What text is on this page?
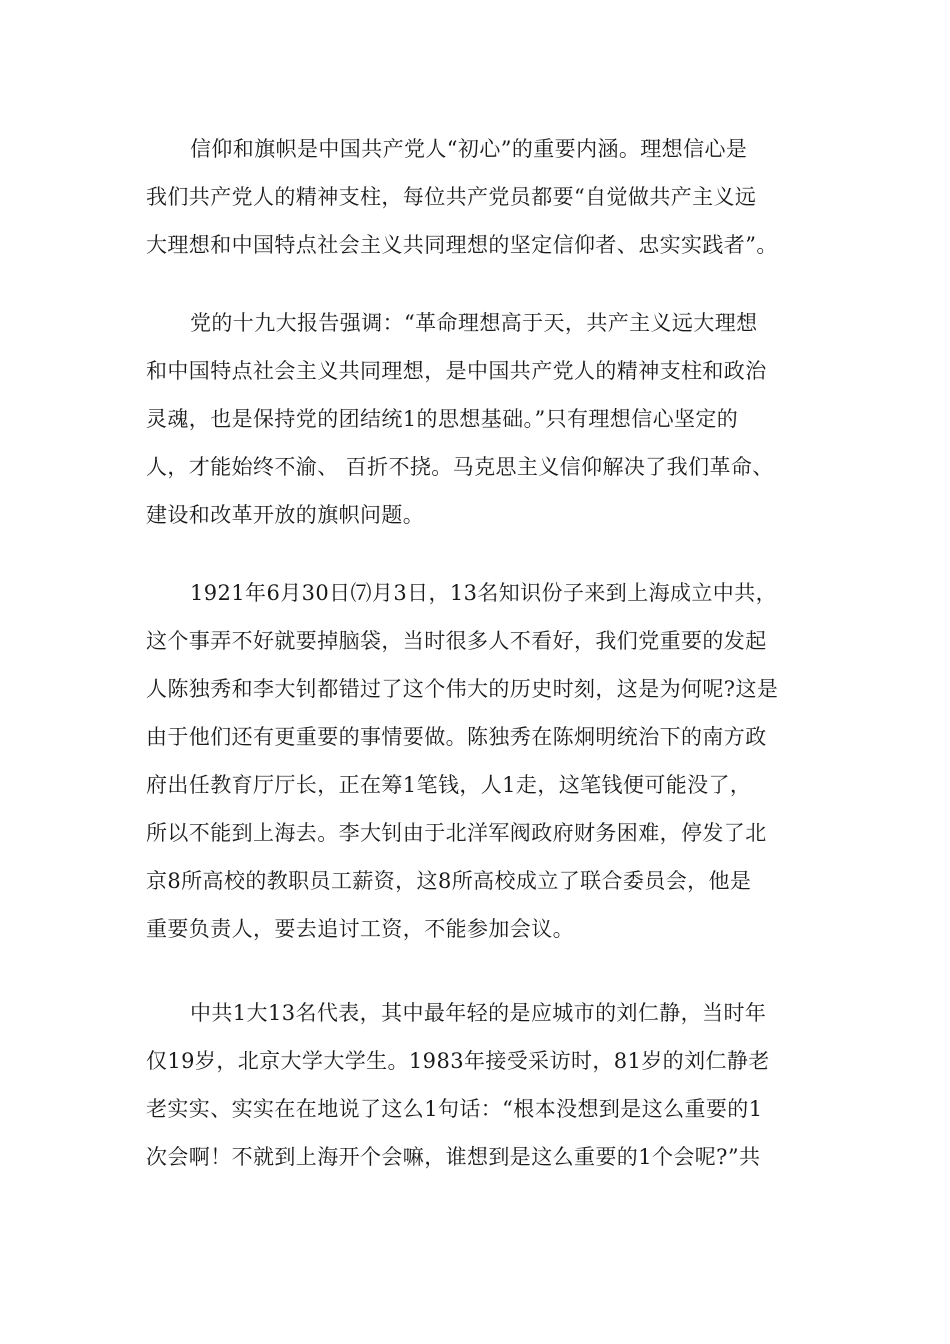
信仰和旗帜是中国共产党人“初心”的重要内涵。理想信心是

我们共产党人的精神支柱，每位共产党员都要“自觉做共产主义远

大理想和中国特点社会主义共同理想的坚定信仰者、忠实实践者”。

党的十九大报告强调：“革命理想高于天，共产主义远大理想

和中国特点社会主义共同理想，是中国共产党人的精神支柱和政治

灵魂，也是保持党的团结统1的思想基础。”只有理想信心坚定的

人，才能始终不渝、 百折不挠。马克思主义信仰解决了我们革命、

建设和改革开放的旗帜问题。

1921年6月30日⑺月3日，13名知识份子来到上海成立中共，

这个事弄不好就要掉脑袋，当时很多人不看好，我们党重要的发起

人陈独秀和李大钊都错过了这个伟大的历史时刻，这是为何呢?这是

由于他们还有更重要的事情要做。陈独秀在陈炯明统治下的南方政

府出任教育厅厅长，正在筹1笔钱，人1走，这笔钱便可能没了，

所以不能到上海去。李大钊由于北洋军阀政府财务困难，停发了北

京8所高校的教职员工薪资，这8所高校成立了联合委员会，他是

重要负责人，要去追讨工资，不能参加会议。

中共1大13名代表，其中最年轻的是应城市的刘仁静，当时年

仅19岁，北京大学大学生。1983年接受采访时，81岁的刘仁静老

老实实、实实在在地说了这么1句话：“根本没想到是这么重要的1

次会啊！不就到上海开个会嘛，谁想到是这么重要的1个会呢?”共
